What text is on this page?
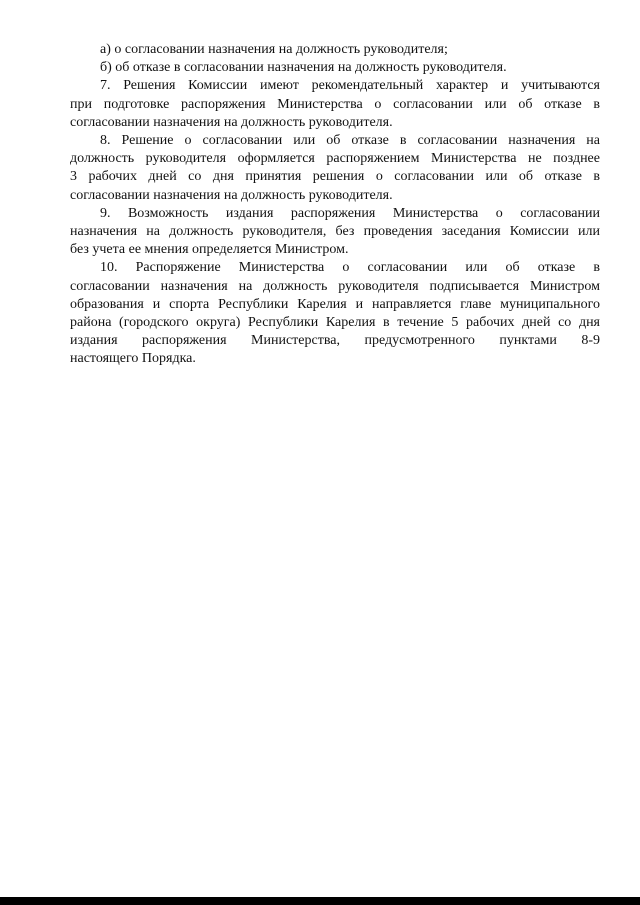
а) о согласовании назначения на должность руководителя;

б) об отказе в согласовании назначения на должность руководителя.

7. Решения Комиссии имеют рекомендательный характер и учитываются

при подготовке распоряжения Министерства о согласовании или об отказе в

согласовании назначения на должность руководителя.

8. Решение о согласовании или об отказе в согласовании назначения на

должность руководителя оформляется распоряжением Министерства не позднее

3 рабочих дней со дня принятия решения о согласовании или об отказе в

согласовании назначения на должность руководителя.

9. Возможность издания распоряжения Министерства о согласовании

назначения на должность руководителя, без проведения заседания Комиссии или

без учета ее мнения определяется Министром.

10. Распоряжение Министерства о согласовании или об отказе в

согласовании назначения на должность руководителя подписывается Министром

образования и спорта Республики Карелия и направляется главе муниципального

района (городского округа) Республики Карелия в течение 5 рабочих дней со дня

издания распоряжения Министерства, предусмотренного пунктами 8-9

настоящего Порядка.
